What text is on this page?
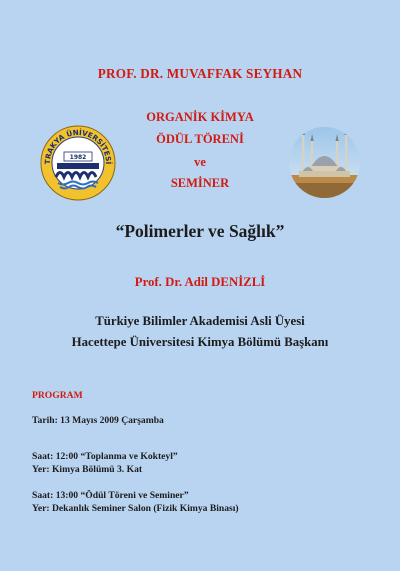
PROF. DR. MUVAFFAK SEYHAN
TRAKYA ÜNİVERSİTESİ
1982
ORGANİK KİMYA
ÖDÜL TÖRENİ
ve
SEMİNER
“Polimerler ve Sağlık”
Prof. Dr. Adil DENİZLİ
Türkiye Bilimler Akademisi Asli Üyesi
Hacettepe Üniversitesi Kimya Bölümü Başkanı
PROGRAM
Tarih: 13 Mayıs 2009 Çarşamba
Saat: 12:00 “Toplanma ve Kokteyl”
Yer: Kimya Bölümü 3. Kat
Saat: 13:00 “Ödül Töreni ve Seminer”
Yer: Dekanlık Seminer Salon (Fizik Kimya Binası)
